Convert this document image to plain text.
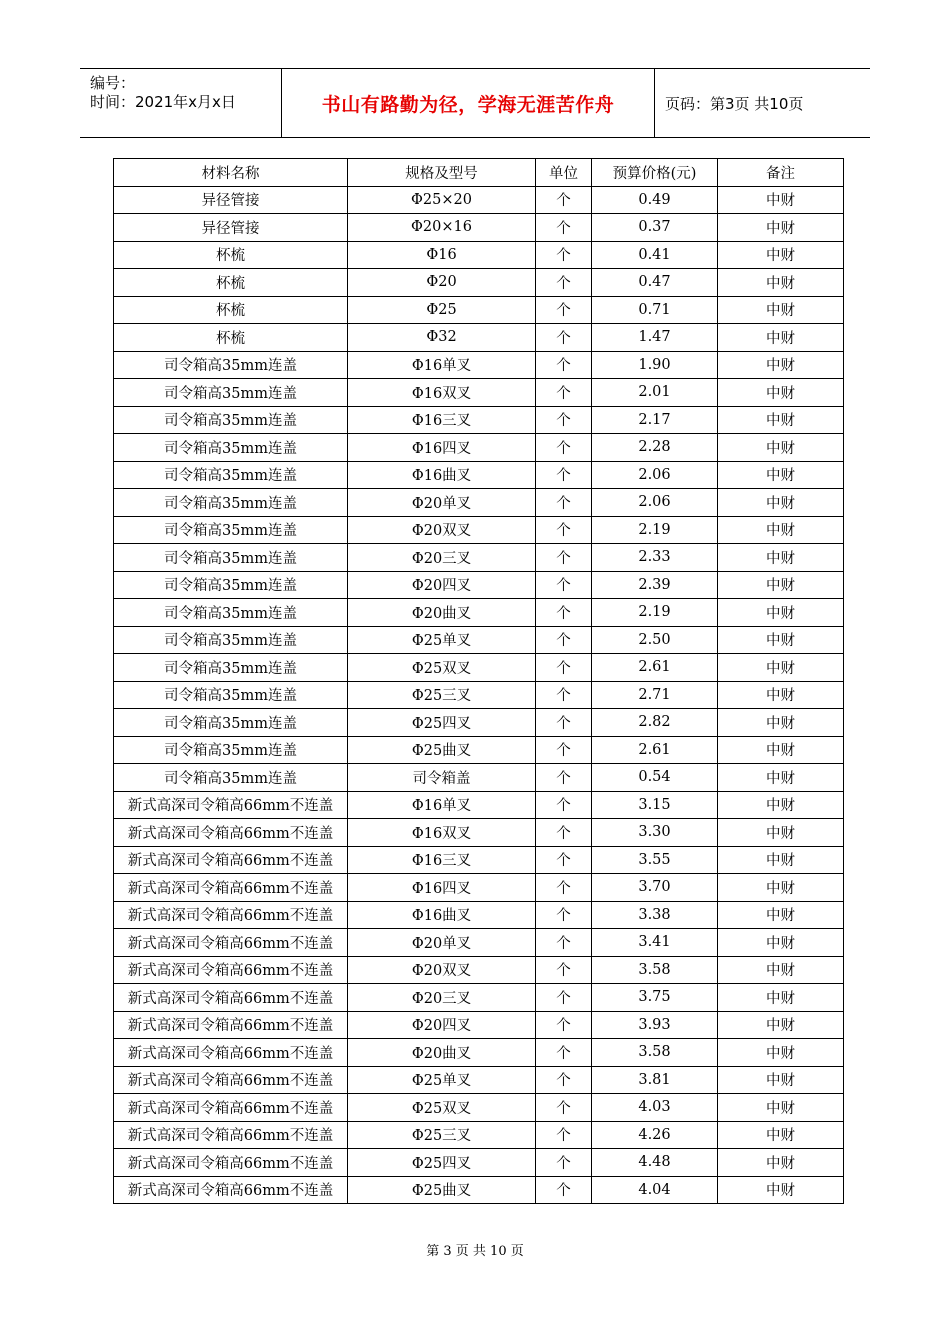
编号：
时间：2021年x月x日	书山有路勤为径，学海无涯苦作舟	页码：第3页 共10页
材料名称	规格及型号	单位	预算价格(元)	备注
异径管接	Φ25×20	个	0.49	中财
异径管接	Φ20×16	个	0.37	中财
杯梳	Φ16	个	0.41	中财
杯梳	Φ20	个	0.47	中财
杯梳	Φ25	个	0.71	中财
杯梳	Φ32	个	1.47	中财
司令箱高35mm连盖	Φ16单叉	个	1.90	中财
司令箱高35mm连盖	Φ16双叉	个	2.01	中财
司令箱高35mm连盖	Φ16三叉	个	2.17	中财
司令箱高35mm连盖	Φ16四叉	个	2.28	中财
司令箱高35mm连盖	Φ16曲叉	个	2.06	中财
司令箱高35mm连盖	Φ20单叉	个	2.06	中财
司令箱高35mm连盖	Φ20双叉	个	2.19	中财
司令箱高35mm连盖	Φ20三叉	个	2.33	中财
司令箱高35mm连盖	Φ20四叉	个	2.39	中财
司令箱高35mm连盖	Φ20曲叉	个	2.19	中财
司令箱高35mm连盖	Φ25单叉	个	2.50	中财
司令箱高35mm连盖	Φ25双叉	个	2.61	中财
司令箱高35mm连盖	Φ25三叉	个	2.71	中财
司令箱高35mm连盖	Φ25四叉	个	2.82	中财
司令箱高35mm连盖	Φ25曲叉	个	2.61	中财
司令箱高35mm连盖	司令箱盖	个	0.54	中财
新式高深司令箱高66mm不连盖	Φ16单叉	个	3.15	中财
新式高深司令箱高66mm不连盖	Φ16双叉	个	3.30	中财
新式高深司令箱高66mm不连盖	Φ16三叉	个	3.55	中财
新式高深司令箱高66mm不连盖	Φ16四叉	个	3.70	中财
新式高深司令箱高66mm不连盖	Φ16曲叉	个	3.38	中财
新式高深司令箱高66mm不连盖	Φ20单叉	个	3.41	中财
新式高深司令箱高66mm不连盖	Φ20双叉	个	3.58	中财
新式高深司令箱高66mm不连盖	Φ20三叉	个	3.75	中财
新式高深司令箱高66mm不连盖	Φ20四叉	个	3.93	中财
新式高深司令箱高66mm不连盖	Φ20曲叉	个	3.58	中财
新式高深司令箱高66mm不连盖	Φ25单叉	个	3.81	中财
新式高深司令箱高66mm不连盖	Φ25双叉	个	4.03	中财
新式高深司令箱高66mm不连盖	Φ25三叉	个	4.26	中财
新式高深司令箱高66mm不连盖	Φ25四叉	个	4.48	中财
新式高深司令箱高66mm不连盖	Φ25曲叉	个	4.04	中财
第 3 页 共 10 页
